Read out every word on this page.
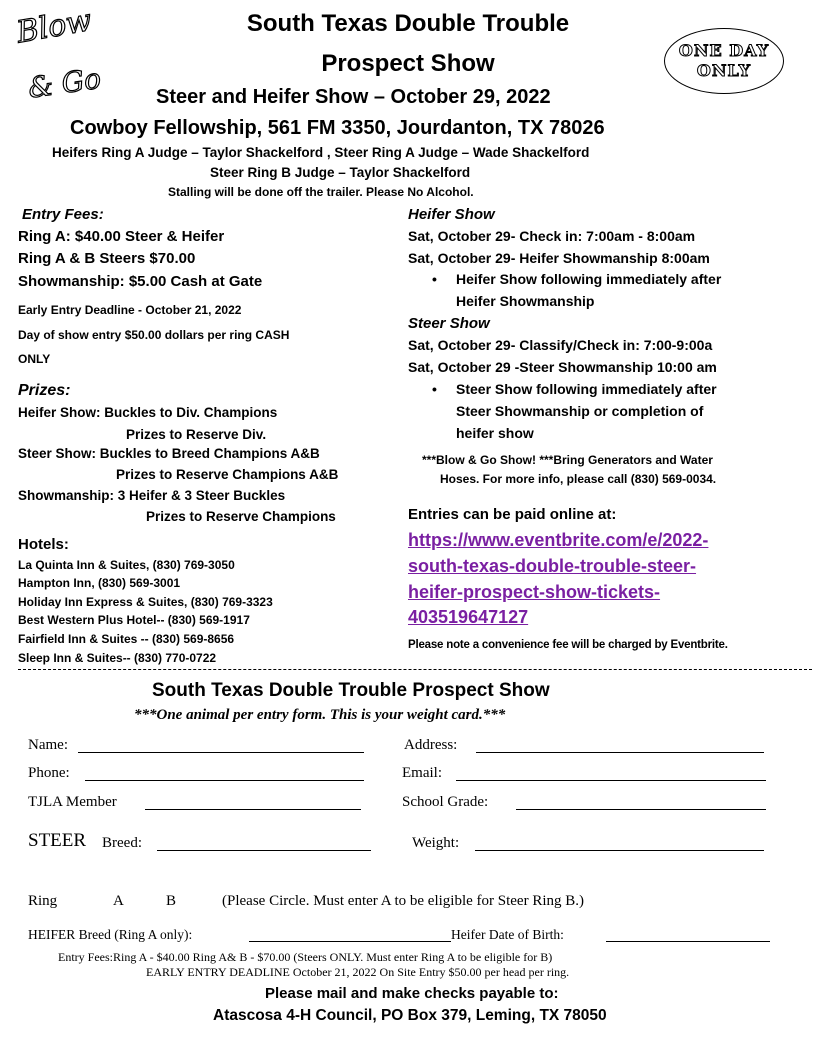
Blow
& Go
ONE DAY ONLY
South Texas Double Trouble
Prospect Show
Steer and Heifer Show – October 29, 2022
Cowboy Fellowship, 561 FM 3350, Jourdanton, TX 78026
Heifers Ring A Judge – Taylor Shackelford , Steer Ring A Judge – Wade Shackelford
Steer Ring B Judge – Taylor Shackelford
Stalling will be done off the trailer. Please No Alcohol.
Entry Fees:
Ring A: $40.00 Steer & Heifer
Ring A & B Steers $70.00
Showmanship: $5.00 Cash at Gate
Early Entry Deadline - October 21, 2022
Day of show entry $50.00 dollars per ring CASH
ONLY
Prizes:
Heifer Show: Buckles to Div. Champions
Prizes to Reserve Div.
Steer Show: Buckles to Breed Champions A&B
Prizes to Reserve Champions A&B
Showmanship: 3 Heifer & 3 Steer Buckles
Prizes to Reserve Champions
Hotels:
La Quinta Inn & Suites, (830) 769-3050
Hampton Inn, (830) 569-3001
Holiday Inn Express & Suites, (830) 769-3323
Best Western Plus Hotel-- (830) 569-1917
Fairfield Inn & Suites -- (830) 569-8656
Sleep Inn & Suites-- (830) 770-0722
Heifer Show
Sat, October 29- Check in: 7:00am - 8:00am
Sat, October 29- Heifer Showmanship 8:00am
• Heifer Show following immediately after
Heifer Showmanship
Steer Show
Sat, October 29- Classify/Check in: 7:00-9:00a
Sat, October 29 -Steer Showmanship 10:00 am
• Steer Show following immediately after
Steer Showmanship or completion of
heifer show
***Blow & Go Show! ***Bring Generators and Water
Hoses. For more info, please call (830) 569-0034.
Entries can be paid online at:
https://www.eventbrite.com/e/2022-
south-texas-double-trouble-steer-
heifer-prospect-show-tickets-
403519647127
Please note a convenience fee will be charged by Eventbrite.
South Texas Double Trouble Prospect Show
***One animal per entry form. This is your weight card.***
Name:	Address:
Phone:	Email:
TJLA Member	School Grade:
STEER Breed:	Weight:
Ring	A	B	(Please Circle. Must enter A to be eligible for Steer Ring B.)
HEIFER Breed (Ring A only):	Heifer Date of Birth:
Entry Fees:Ring A - $40.00 Ring A& B - $70.00 (Steers ONLY. Must enter Ring A to be eligible for B)
EARLY ENTRY DEADLINE October 21, 2022 On Site Entry $50.00 per head per ring.
Please mail and make checks payable to:
Atascosa 4-H Council, PO Box 379, Leming, TX 78050
